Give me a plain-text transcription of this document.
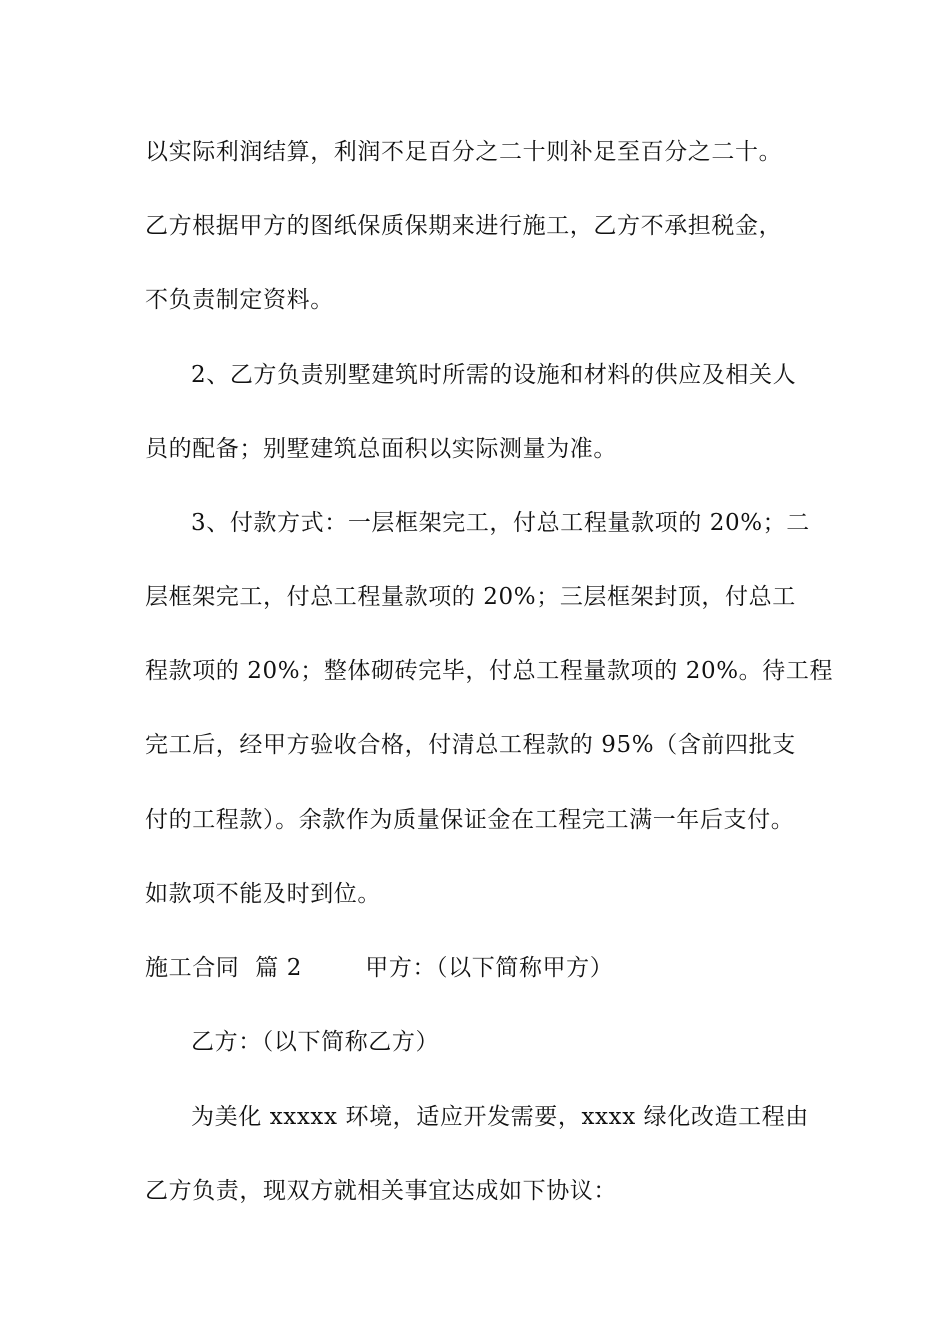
以实际利润结算，利润不足百分之二十则补足至百分之二十。
乙方根据甲方的图纸保质保期来进行施工，乙方不承担税金，
不负责制定资料。
2、乙方负责别墅建筑时所需的设施和材料的供应及相关人
员的配备；别墅建筑总面积以实际测量为准。
3、付款方式：一层框架完工，付总工程量款项的 20%；二
层框架完工，付总工程量款项的 20%；三层框架封顶，付总工
程款项的 20%；整体砌砖完毕，付总工程量款项的 20%。待工程
完工后，经甲方验收合格，付清总工程款的 95%（含前四批支
付的工程款）。余款作为质量保证金在工程完工满一年后支付。
如款项不能及时到位。
施工合同  篇 2        甲方：（以下简称甲方）
乙方：（以下简称乙方）
为美化 xxxxx 环境，适应开发需要，xxxx 绿化改造工程由
乙方负责，现双方就相关事宜达成如下协议：
